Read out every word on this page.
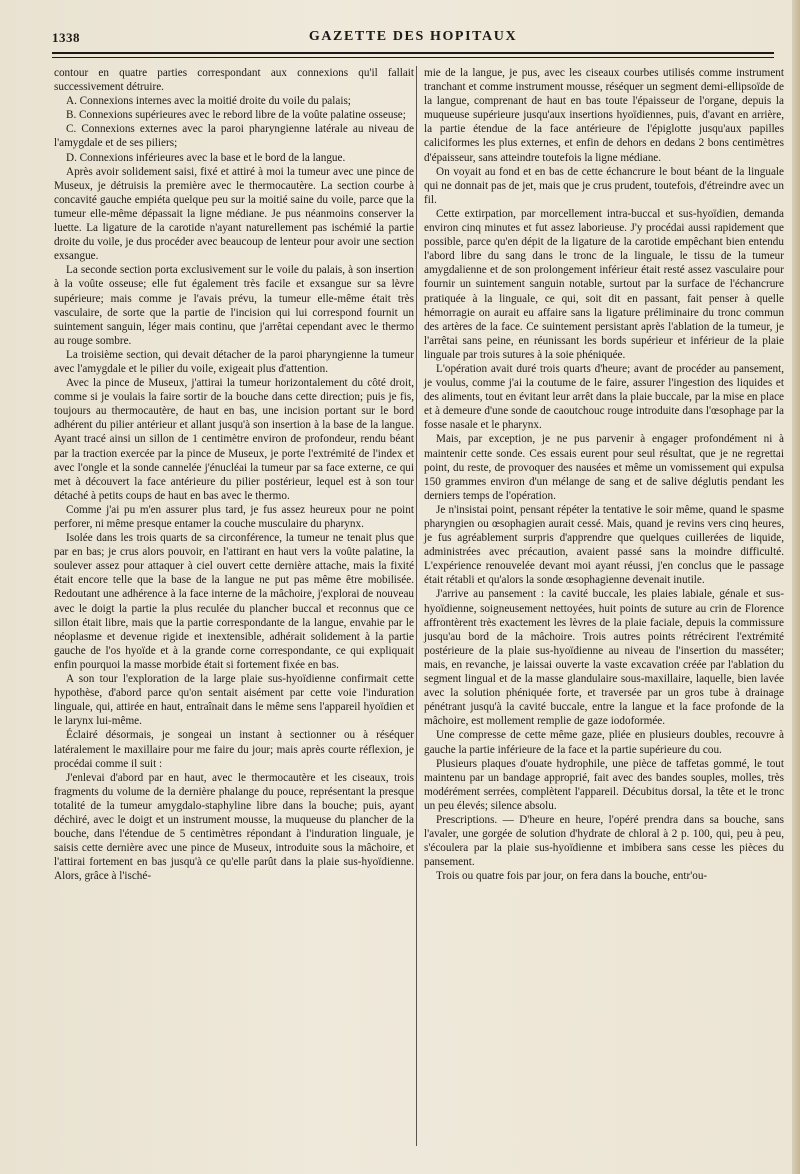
1338	GAZETTE DES HOPITAUX

contour en quatre parties correspondant aux connexions qu'il fallait successivement détruire.

A. Connexions internes avec la moitié droite du voile du palais;

B. Connexions supérieures avec le rebord libre de la voûte palatine osseuse;

C. Connexions externes avec la paroi pharyngienne latérale au niveau de l'amygdale et de ses piliers;

D. Connexions inférieures avec la base et le bord de la langue.

Après avoir solidement saisi, fixé et attiré à moi la tumeur avec une pince de Museux, je détruisis la première avec le thermocautère. La section courbe à concavité gauche empiéta quelque peu sur la moitié saine du voile, parce que la tumeur elle-même dépassait la ligne médiane. Je pus néanmoins conserver la luette. La ligature de la carotide n'ayant naturellement pas ischémié la partie droite du voile, je dus procéder avec beaucoup de lenteur pour avoir une section exsangue.

La seconde section porta exclusivement sur le voile du palais, à son insertion à la voûte osseuse; elle fut également très facile et exsangue sur sa lèvre supérieure; mais comme je l'avais prévu, la tumeur elle-même était très vasculaire, de sorte que la partie de l'incision qui lui correspond fournit un suintement sanguin, léger mais continu, que j'arrêtai cependant avec le thermo au rouge sombre.

La troisième section, qui devait détacher de la paroi pharyngienne la tumeur avec l'amygdale et le pilier du voile, exigeait plus d'attention.

Avec la pince de Museux, j'attirai la tumeur horizontalement du côté droit, comme si je voulais la faire sortir de la bouche dans cette direction; puis je fis, toujours au thermocautère, de haut en bas, une incision portant sur le bord adhérent du pilier antérieur et allant jusqu'à son insertion à la base de la langue. Ayant tracé ainsi un sillon de 1 centimètre environ de profondeur, rendu béant par la traction exercée par la pince de Museux, je porte l'extrémité de l'index et avec l'ongle et la sonde cannelée j'énucléai la tumeur par sa face externe, ce qui met à découvert la face antérieure du pilier postérieur, lequel est à son tour détaché à petits coups de haut en bas avec le thermo.

Comme j'ai pu m'en assurer plus tard, je fus assez heureux pour ne point perforer, ni même presque entamer la couche musculaire du pharynx.

Isolée dans les trois quarts de sa circonférence, la tumeur ne tenait plus que par en bas; je crus alors pouvoir, en l'attirant en haut vers la voûte palatine, la soulever assez pour attaquer à ciel ouvert cette dernière attache, mais la fixité était encore telle que la base de la langue ne put pas même être mobilisée. Redoutant une adhérence à la face interne de la mâchoire, j'explorai de nouveau avec le doigt la partie la plus reculée du plancher buccal et reconnus que ce sillon était libre, mais que la partie correspondante de la langue, envahie par le néoplasme et devenue rigide et inextensible, adhérait solidement à la partie gauche de l'os hyoïde et à la grande corne correspondante, ce qui expliquait enfin pourquoi la masse morbide était si fortement fixée en bas.

A son tour l'exploration de la large plaie sus-hyoïdienne confirmait cette hypothèse, d'abord parce qu'on sentait aisément par cette voie l'induration linguale, qui, attirée en haut, entraînait dans le même sens l'appareil hyoïdien et le larynx lui-même.

Éclairé désormais, je songeai un instant à sectionner ou à réséquer latéralement le maxillaire pour me faire du jour; mais après courte réflexion, je procédai comme il suit :

J'enlevai d'abord par en haut, avec le thermocautère et les ciseaux, trois fragments du volume de la dernière phalange du pouce, représentant la presque totalité de la tumeur amygdalo-staphyline libre dans la bouche; puis, ayant déchiré, avec le doigt et un instrument mousse, la muqueuse du plancher de la bouche, dans l'étendue de 5 centimètres répondant à l'induration linguale, je saisis cette dernière avec une pince de Museux, introduite sous la mâchoire, et l'attirai fortement en bas jusqu'à ce qu'elle parût dans la plaie sus-hyoïdienne. Alors, grâce à l'isché-

mie de la langue, je pus, avec les ciseaux courbes utilisés comme instrument tranchant et comme instrument mousse, réséquer un segment demi-ellipsoïde de la langue, comprenant de haut en bas toute l'épaisseur de l'organe, depuis la muqueuse supérieure jusqu'aux insertions hyoïdiennes, puis, d'avant en arrière, la partie étendue de la face antérieure de l'épiglotte jusqu'aux papilles caliciformes les plus externes, et enfin de dehors en dedans 2 bons centimètres d'épaisseur, sans atteindre toutefois la ligne médiane.

On voyait au fond et en bas de cette échancrure le bout béant de la linguale qui ne donnait pas de jet, mais que je crus prudent, toutefois, d'étreindre avec un fil.

Cette extirpation, par morcellement intra-buccal et sus-hyoïdien, demanda environ cinq minutes et fut assez laborieuse. J'y procédai aussi rapidement que possible, parce qu'en dépit de la ligature de la carotide empêchant bien entendu l'abord libre du sang dans le tronc de la linguale, le tissu de la tumeur amygdalienne et de son prolongement inférieur était resté assez vasculaire pour fournir un suintement sanguin notable, surtout par la surface de l'échancrure pratiquée à la linguale, ce qui, soit dit en passant, fait penser à quelle hémorragie on aurait eu affaire sans la ligature préliminaire du tronc commun des artères de la face. Ce suintement persistant après l'ablation de la tumeur, je l'arrêtai sans peine, en réunissant les bords supérieur et inférieur de la plaie linguale par trois sutures à la soie phéniquée.

L'opération avait duré trois quarts d'heure; avant de procéder au pansement, je voulus, comme j'ai la coutume de le faire, assurer l'ingestion des liquides et des aliments, tout en évitant leur arrêt dans la plaie buccale, par la mise en place et à demeure d'une sonde de caoutchouc rouge introduite dans l'œsophage par la fosse nasale et le pharynx.

Mais, par exception, je ne pus parvenir à engager profondément ni à maintenir cette sonde. Ces essais eurent pour seul résultat, que je ne regrettai point, du reste, de provoquer des nausées et même un vomissement qui expulsa 150 grammes environ d'un mélange de sang et de salive déglutis pendant les derniers temps de l'opération.

Je n'insistai point, pensant répéter la tentative le soir même, quand le spasme pharyngien ou œsophagien aurait cessé. Mais, quand je revins vers cinq heures, je fus agréablement surpris d'apprendre que quelques cuillerées de liquide, administrées avec précaution, avaient passé sans la moindre difficulté. L'expérience renouvelée devant moi ayant réussi, j'en conclus que le passage était rétabli et qu'alors la sonde œsophagienne devenait inutile.

J'arrive au pansement : la cavité buccale, les plaies labiale, génale et sus-hyoïdienne, soigneusement nettoyées, huit points de suture au crin de Florence affrontèrent très exactement les lèvres de la plaie faciale, depuis la commissure jusqu'au bord de la mâchoire. Trois autres points rétrécirent l'extrémité postérieure de la plaie sus-hyoïdienne au niveau de l'insertion du masséter; mais, en revanche, je laissai ouverte la vaste excavation créée par l'ablation du segment lingual et de la masse glandulaire sous-maxillaire, laquelle, bien lavée avec la solution phéniquée forte, et traversée par un gros tube à drainage pénétrant jusqu'à la cavité buccale, entre la langue et la face profonde de la mâchoire, est mollement remplie de gaze iodoformée.

Une compresse de cette même gaze, pliée en plusieurs doubles, recouvre à gauche la partie inférieure de la face et la partie supérieure du cou.

Plusieurs plaques d'ouate hydrophile, une pièce de taffetas gommé, le tout maintenu par un bandage approprié, fait avec des bandes souples, molles, très modérément serrées, complètent l'appareil. Décubitus dorsal, la tête et le tronc un peu élevés; silence absolu.

Prescriptions. — D'heure en heure, l'opéré prendra dans sa bouche, sans l'avaler, une gorgée de solution d'hydrate de chloral à 2 p. 100, qui, peu à peu, s'écoulera par la plaie sus-hyoïdienne et imbibera sans cesse les pièces du pansement.

Trois ou quatre fois par jour, on fera dans la bouche, entr'ou-
